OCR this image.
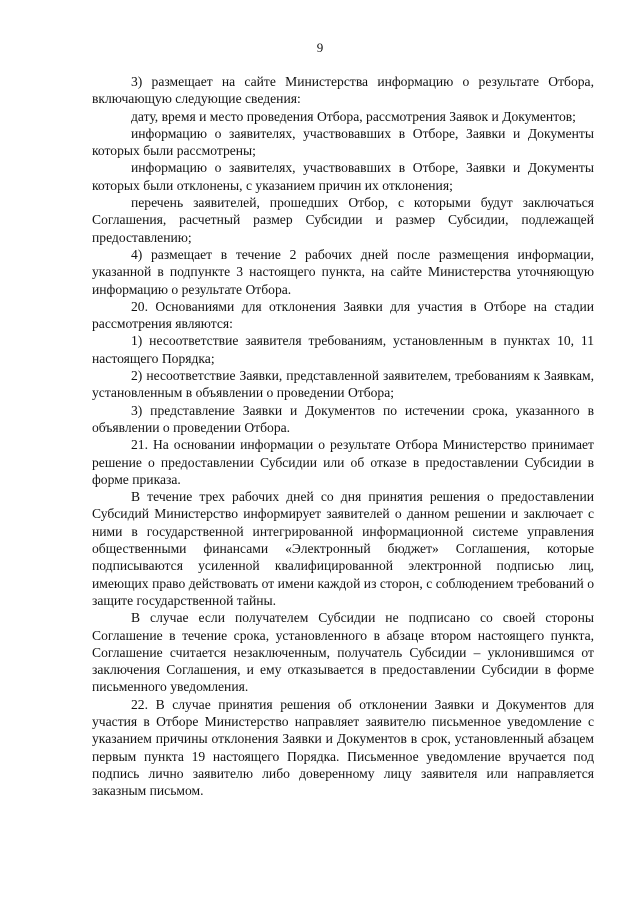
9

3) размещает на сайте Министерства информацию о результате Отбора, включающую следующие сведения:

дату, время и место проведения Отбора, рассмотрения Заявок и Документов;

информацию о заявителях, участвовавших в Отборе, Заявки и Документы которых были рассмотрены;

информацию о заявителях, участвовавших в Отборе, Заявки и Документы которых были отклонены, с указанием причин их отклонения;

перечень заявителей, прошедших Отбор, с которыми будут заключаться Соглашения, расчетный размер Субсидии и размер Субсидии, подлежащей предоставлению;

4) размещает в течение 2 рабочих дней после размещения информации, указанной в подпункте 3 настоящего пункта, на сайте Министерства уточняющую информацию о результате Отбора.

20. Основаниями для отклонения Заявки для участия в Отборе на стадии рассмотрения являются:

1) несоответствие заявителя требованиям, установленным в пунктах 10, 11 настоящего Порядка;

2) несоответствие Заявки, представленной заявителем, требованиям к Заявкам, установленным в объявлении о проведении Отбора;

3) представление Заявки и Документов по истечении срока, указанного в объявлении о проведении Отбора.

21. На основании информации о результате Отбора Министерство принимает решение о предоставлении Субсидии или об отказе в предоставлении Субсидии в форме приказа.

В течение трех рабочих дней со дня принятия решения о предоставлении Субсидий Министерство информирует заявителей о данном решении и заключает с ними в государственной интегрированной информационной системе управления общественными финансами «Электронный бюджет» Соглашения, которые подписываются усиленной квалифицированной электронной подписью лиц, имеющих право действовать от имени каждой из сторон, с соблюдением требований о защите государственной тайны.

В случае если получателем Субсидии не подписано со своей стороны Соглашение в течение срока, установленного в абзаце втором настоящего пункта, Соглашение считается незаключенным, получатель Субсидии – уклонившимся от заключения Соглашения, и ему отказывается в предоставлении Субсидии в форме письменного уведомления.

22. В случае принятия решения об отклонении Заявки и Документов для участия в Отборе Министерство направляет заявителю письменное уведомление с указанием причины отклонения Заявки и Документов в срок, установленный абзацем первым пункта 19 настоящего Порядка. Письменное уведомление вручается под подпись лично заявителю либо доверенному лицу заявителя или направляется заказным письмом.
